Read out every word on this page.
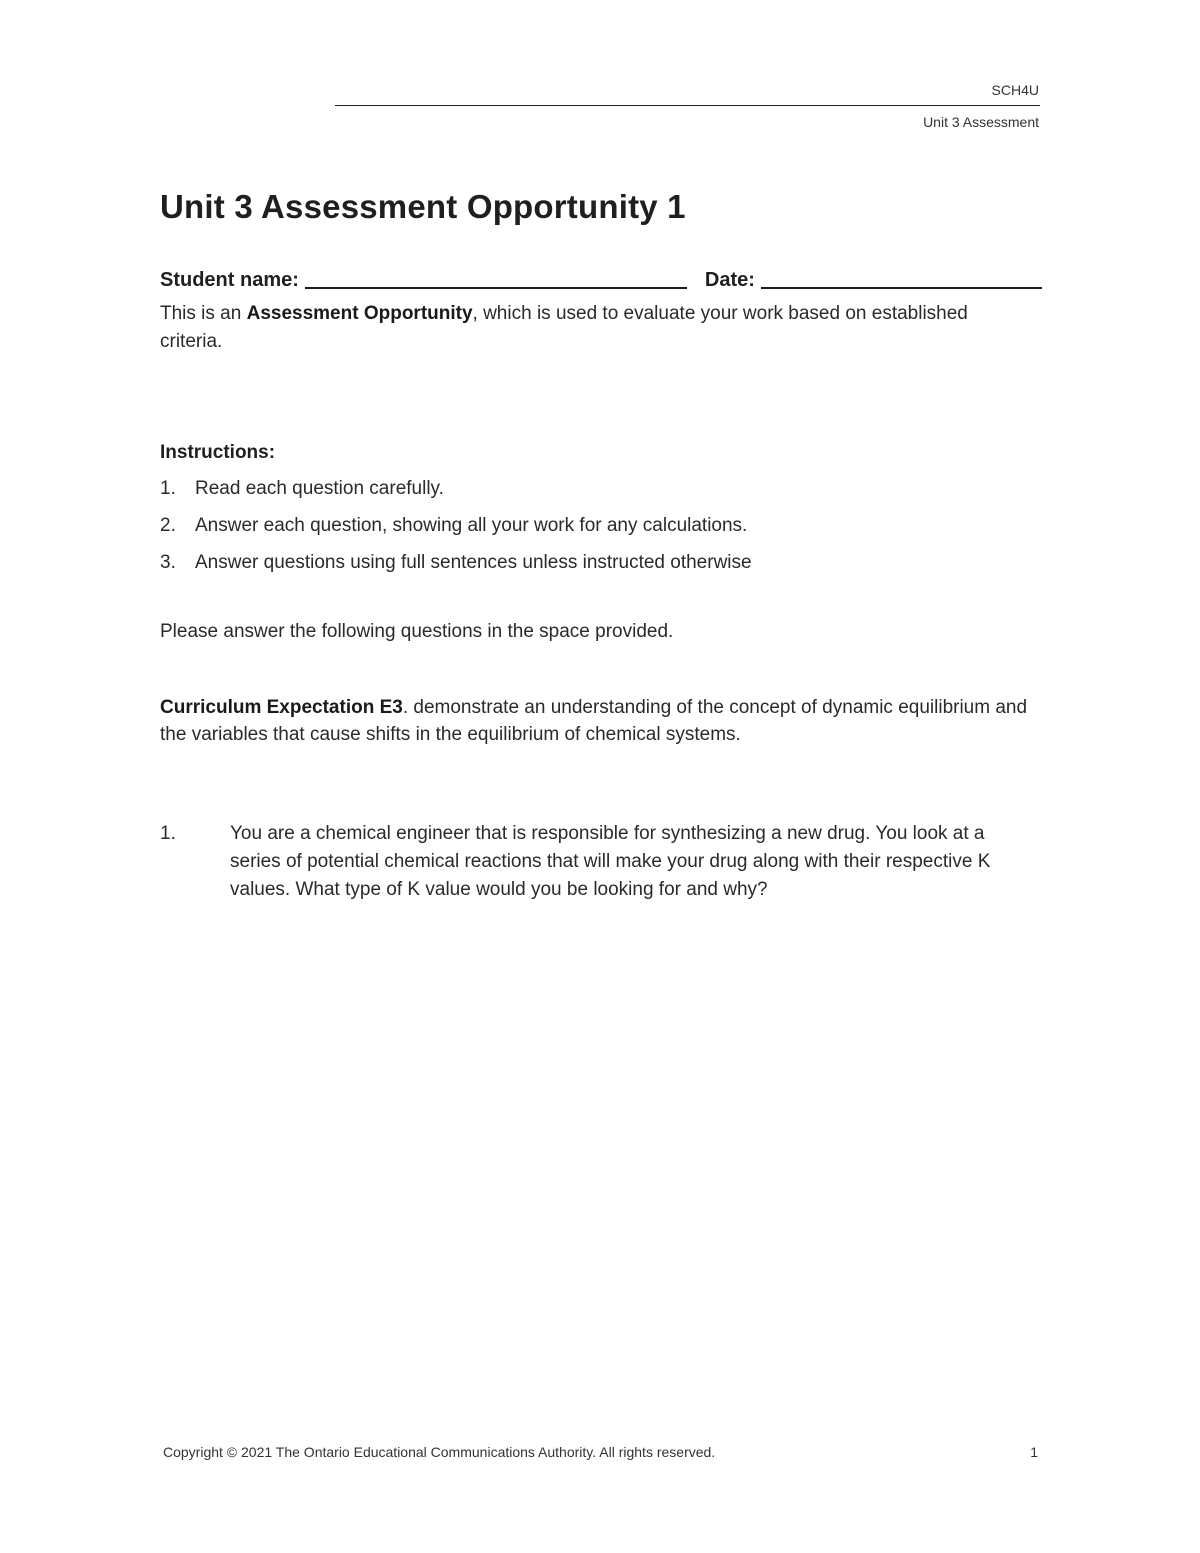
SCH4U
Unit 3 Assessment
Unit 3 Assessment Opportunity 1
Student name:	Date:

This is an Assessment Opportunity, which is used to evaluate your work based on established criteria.

Instructions:
1.	Read each question carefully.
2.	Answer each question, showing all your work for any calculations.
3.	Answer questions using full sentences unless instructed otherwise

Please answer the following questions in the space provided.

Curriculum Expectation E3. demonstrate an understanding of the concept of dynamic equilibrium and the variables that cause shifts in the equilibrium of chemical systems.

1.	You are a chemical engineer that is responsible for synthesizing a new drug. You look at a series of potential chemical reactions that will make your drug along with their respective K values. What type of K value would you be looking for and why?
Copyright © 2021 The Ontario Educational Communications Authority. All rights reserved.	1
